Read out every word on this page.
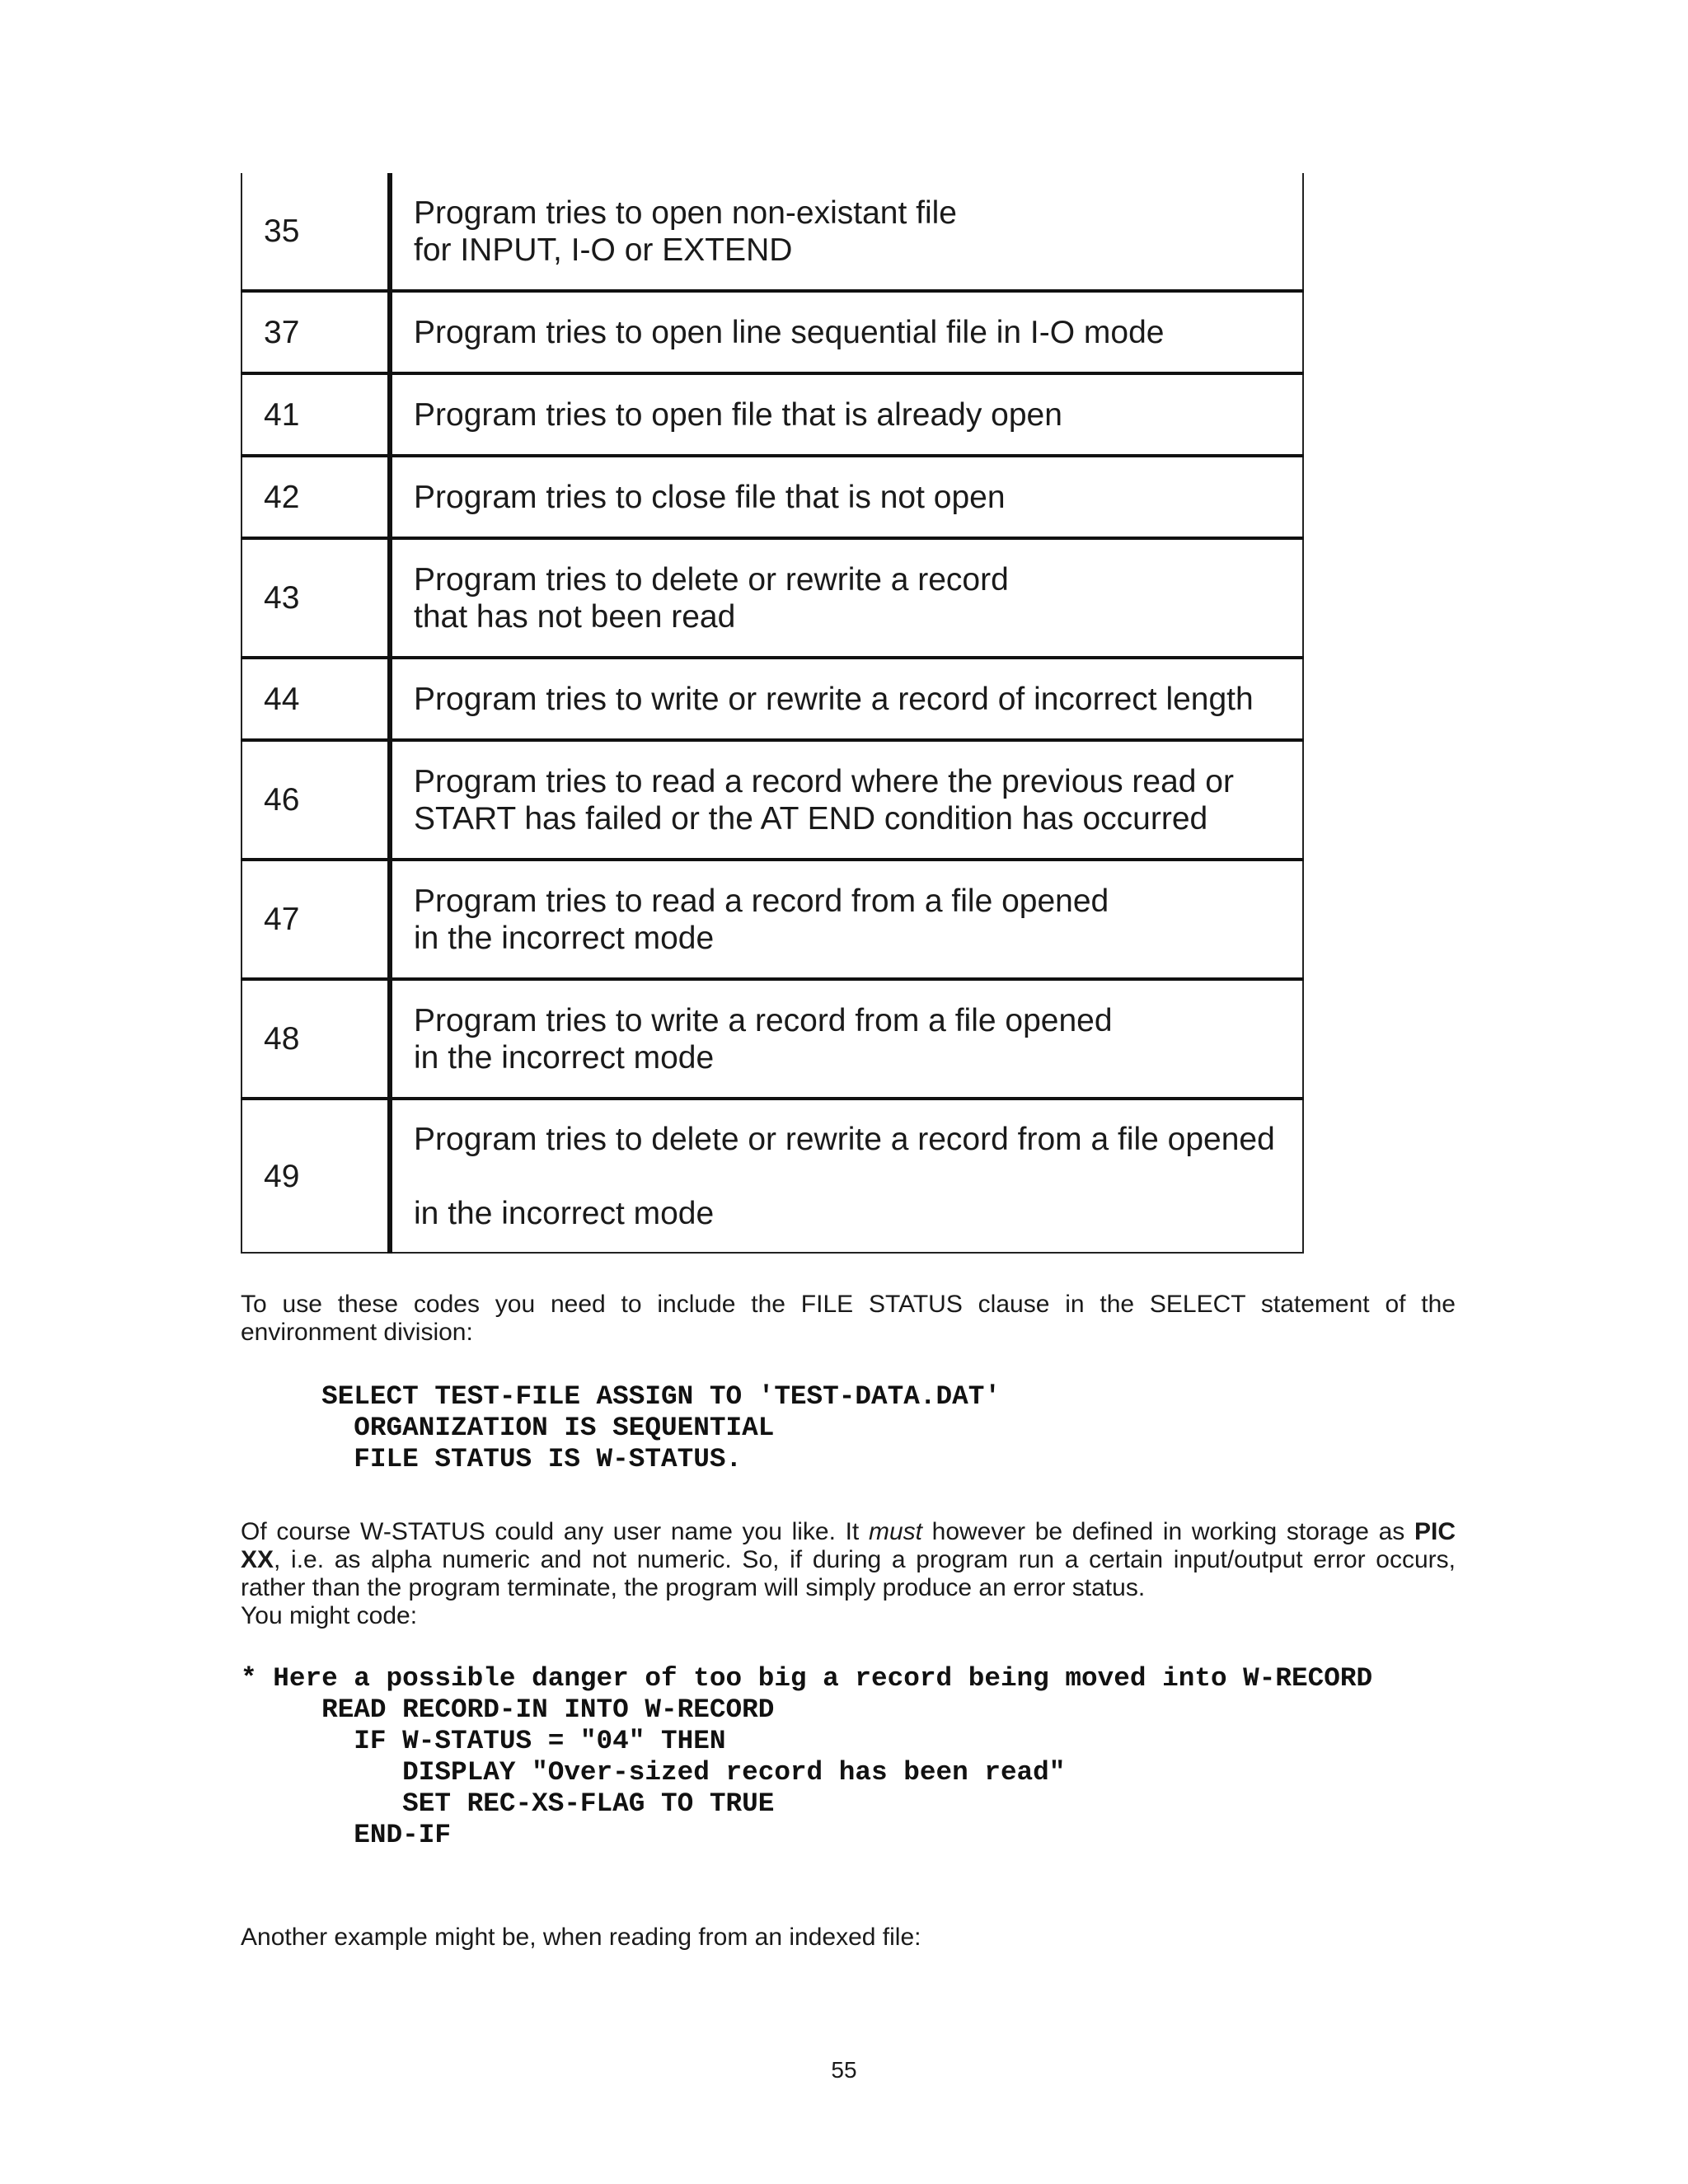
35	Program tries to open non-existant file
for INPUT, I-O or EXTEND

37	Program tries to open line sequential file in I-O mode

41	Program tries to open file that is already open

42	Program tries to close file that is not open

43	Program tries to delete or rewrite a record
that has not been read

44	Program tries to write or rewrite a record of incorrect length

46	Program tries to read a record where the previous read or
START has failed or the AT END condition has occurred

47	Program tries to read a record from a file opened
in the incorrect mode

48	Program tries to write a record from a file opened
in the incorrect mode

49	Program tries to delete or rewrite a record from a file opened
in the incorrect mode

To use these codes you need to include the FILE STATUS clause in the SELECT statement of the
environment division:

SELECT TEST-FILE ASSIGN TO 'TEST-DATA.DAT'
ORGANIZATION IS SEQUENTIAL
FILE STATUS IS W-STATUS.

Of course W-STATUS could any user name you like. It must however be defined in working storage as PIC
XX, i.e. as alpha numeric and not numeric. So, if during a program run a certain input/output error occurs,
rather than the program terminate, the program will simply produce an error status.
You might code:

* Here a possible danger of too big a record being moved into W-RECORD
READ RECORD-IN INTO W-RECORD
IF W-STATUS = "04" THEN
DISPLAY "Over-sized record has been read"
SET REC-XS-FLAG TO TRUE
END-IF

Another example might be, when reading from an indexed file:

55
